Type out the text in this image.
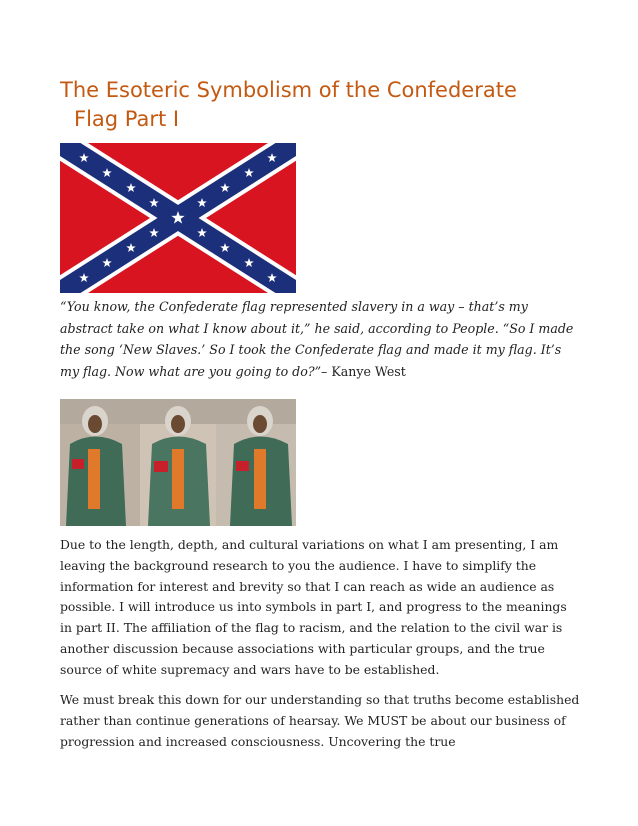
The Esoteric Symbolism of the Confederate
Flag Part I

“You know, the Confederate flag represented slavery in a way – that’s my abstract take on what I know about it,” he said, according to People. “So I made the song ‘New Slaves.’ So I took the Confederate flag and made it my flag. It’s my flag. Now what are you going to do?”– Kanye West

Due to the length, depth, and cultural variations on what I am presenting, I am leaving the background research to you the audience. I have to simplify the information for interest and brevity so that I can reach as wide an audience as possible. I will introduce us into symbols in part I, and progress to the meanings in part II. The affiliation of the flag to racism, and the relation to the civil war is another discussion because associations with particular groups, and the true source of white supremacy and wars have to be established.

We must break this down for our understanding so that truths become established rather than continue generations of hearsay. We MUST be about our business of progression and increased consciousness. Uncovering the true
